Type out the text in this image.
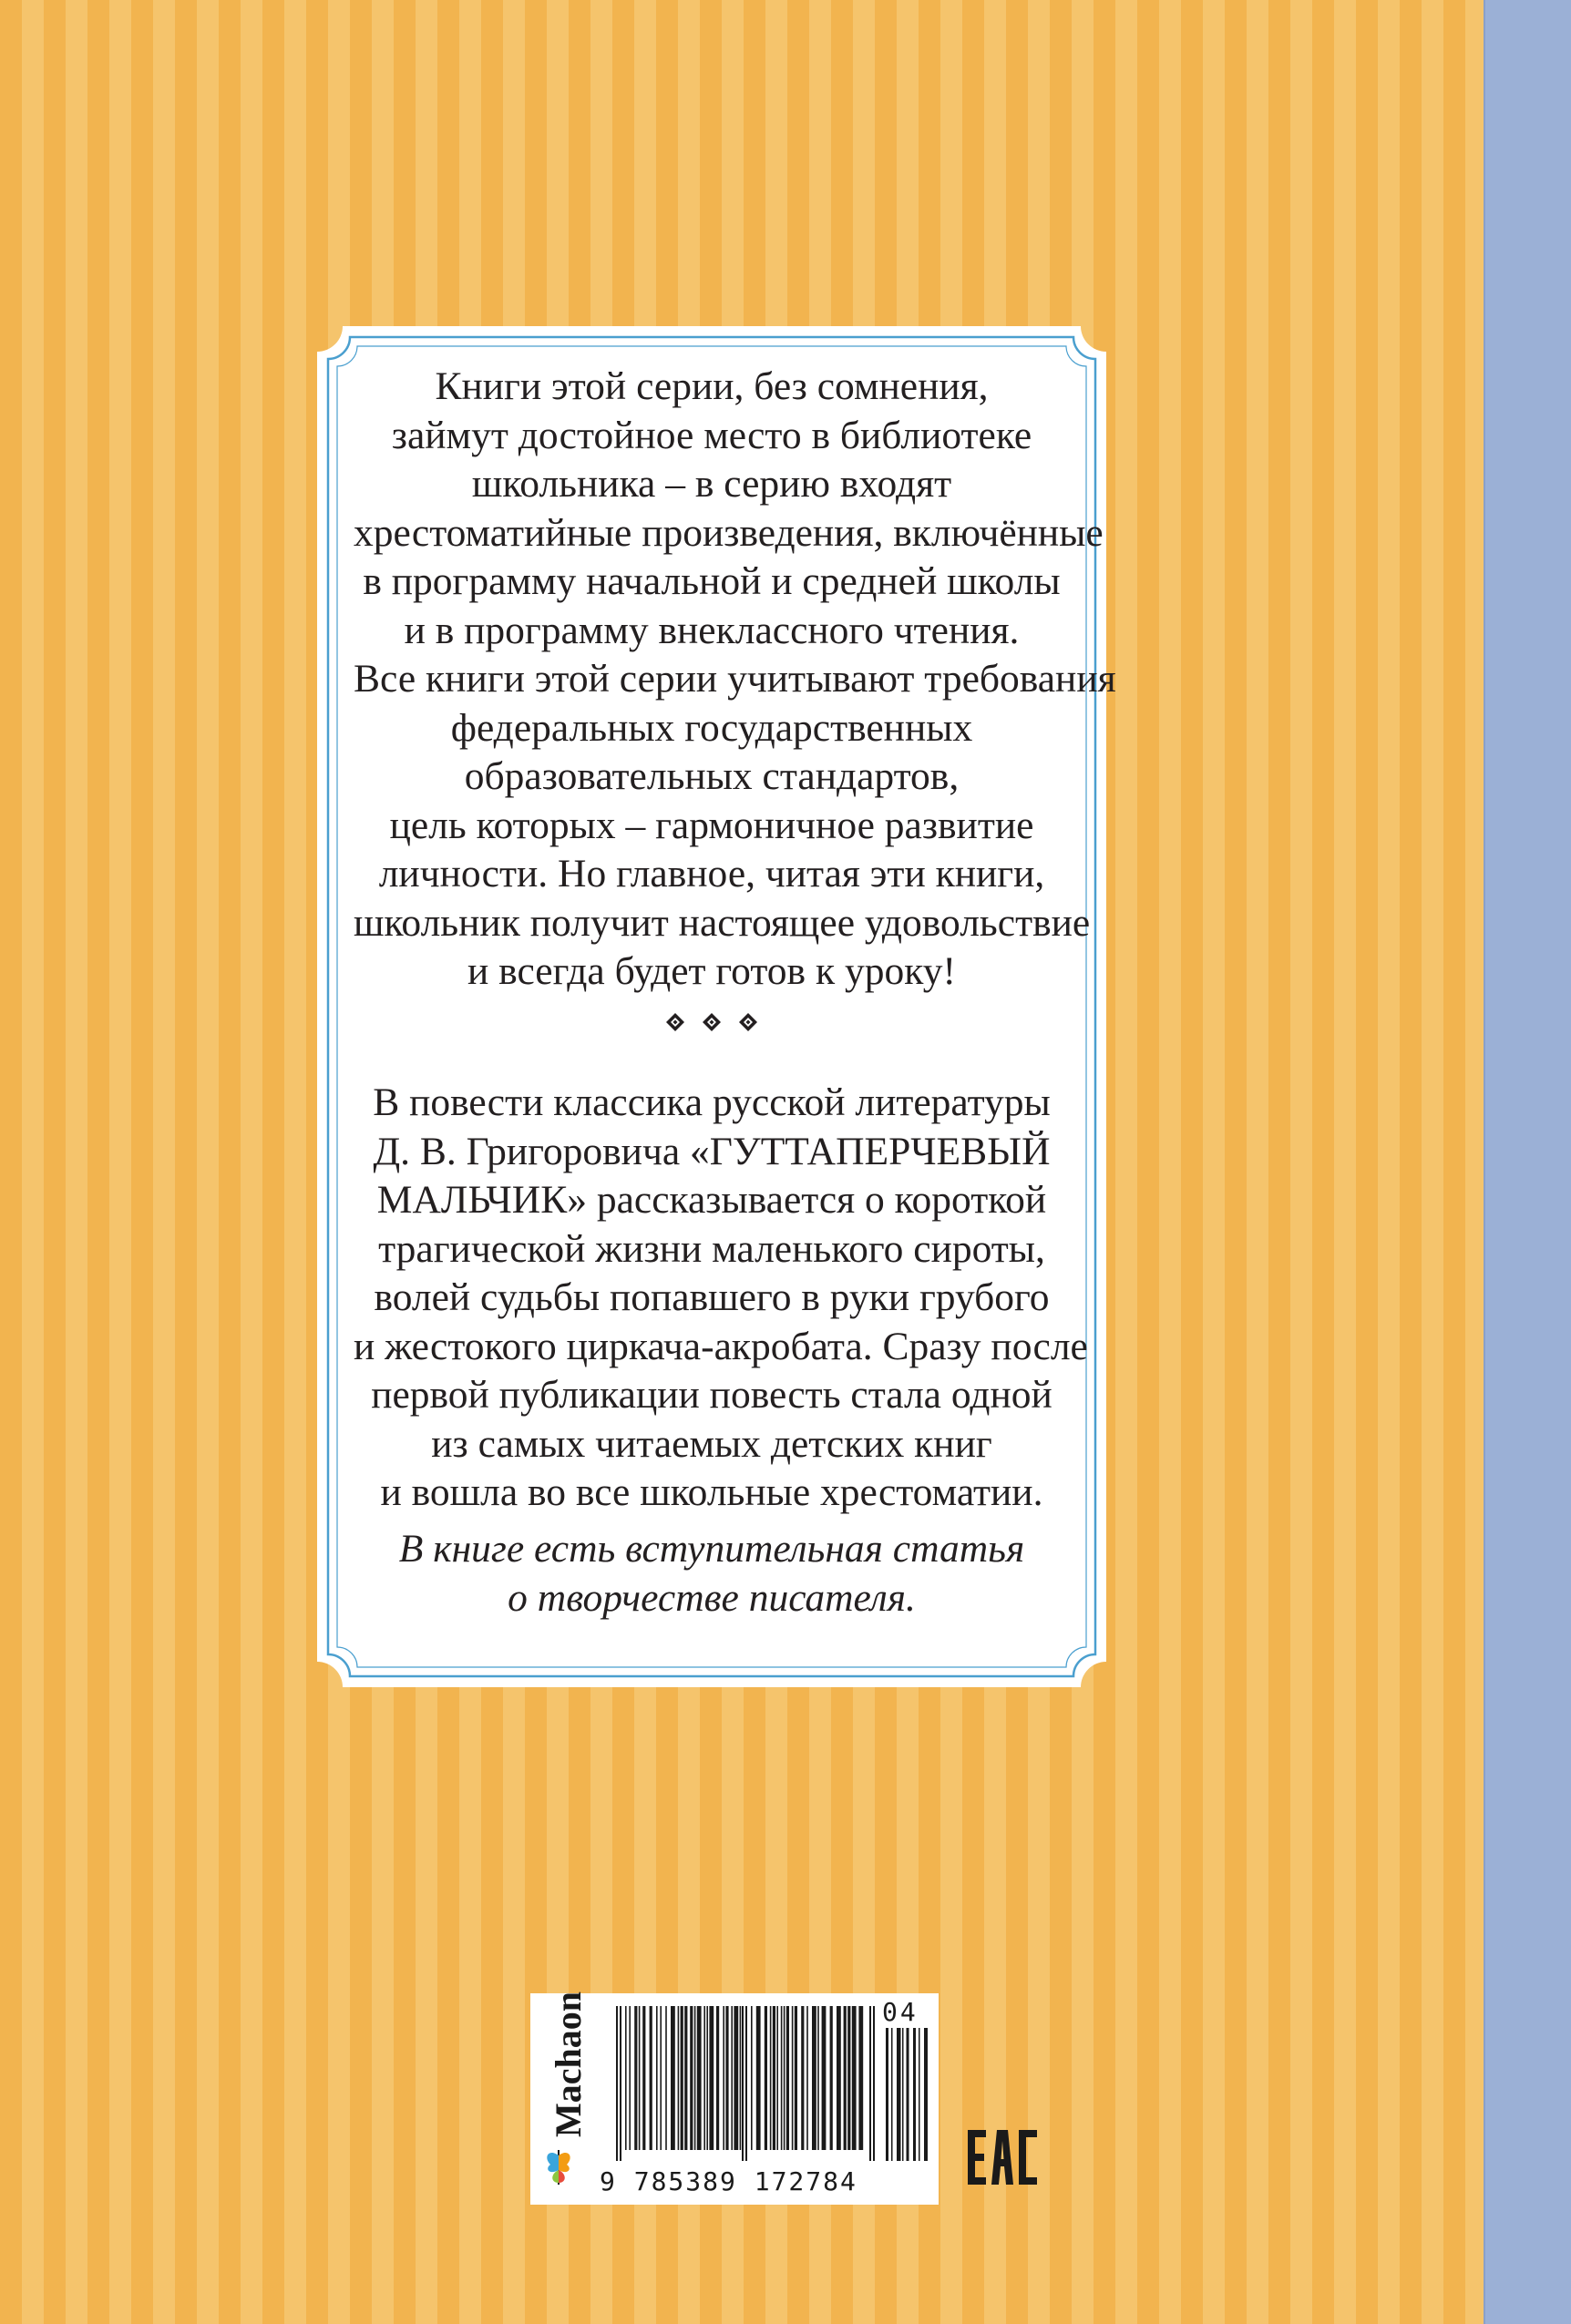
Книги этой серии, без сомнения,
займут достойное место в библиотеке
школьника – в серию входят
хрестоматийные произведения, включённые
в программу начальной и средней школы
и в программу внеклассного чтения.
Все книги этой серии учитывают требования
федеральных государственных
образовательных стандартов,
цель которых – гармоничное развитие
личности. Но главное, читая эти книги,
школьник получит настоящее удовольствие
и всегда будет готов к уроку!
В повести классика русской литературы
Д. В. Григоровича «ГУТТАПЕРЧЕВЫЙ
МАЛЬЧИК» рассказывается о короткой
трагической жизни маленького сироты,
волей судьбы попавшего в руки грубого
и жестокого циркача-акробата. Сразу после
первой публикации повесть стала одной
из самых читаемых детских книг
и вошла во все школьные хрестоматии.
В книге есть вступительная статья
о творчестве писателя.
Machaon	04
9 785389 172784
